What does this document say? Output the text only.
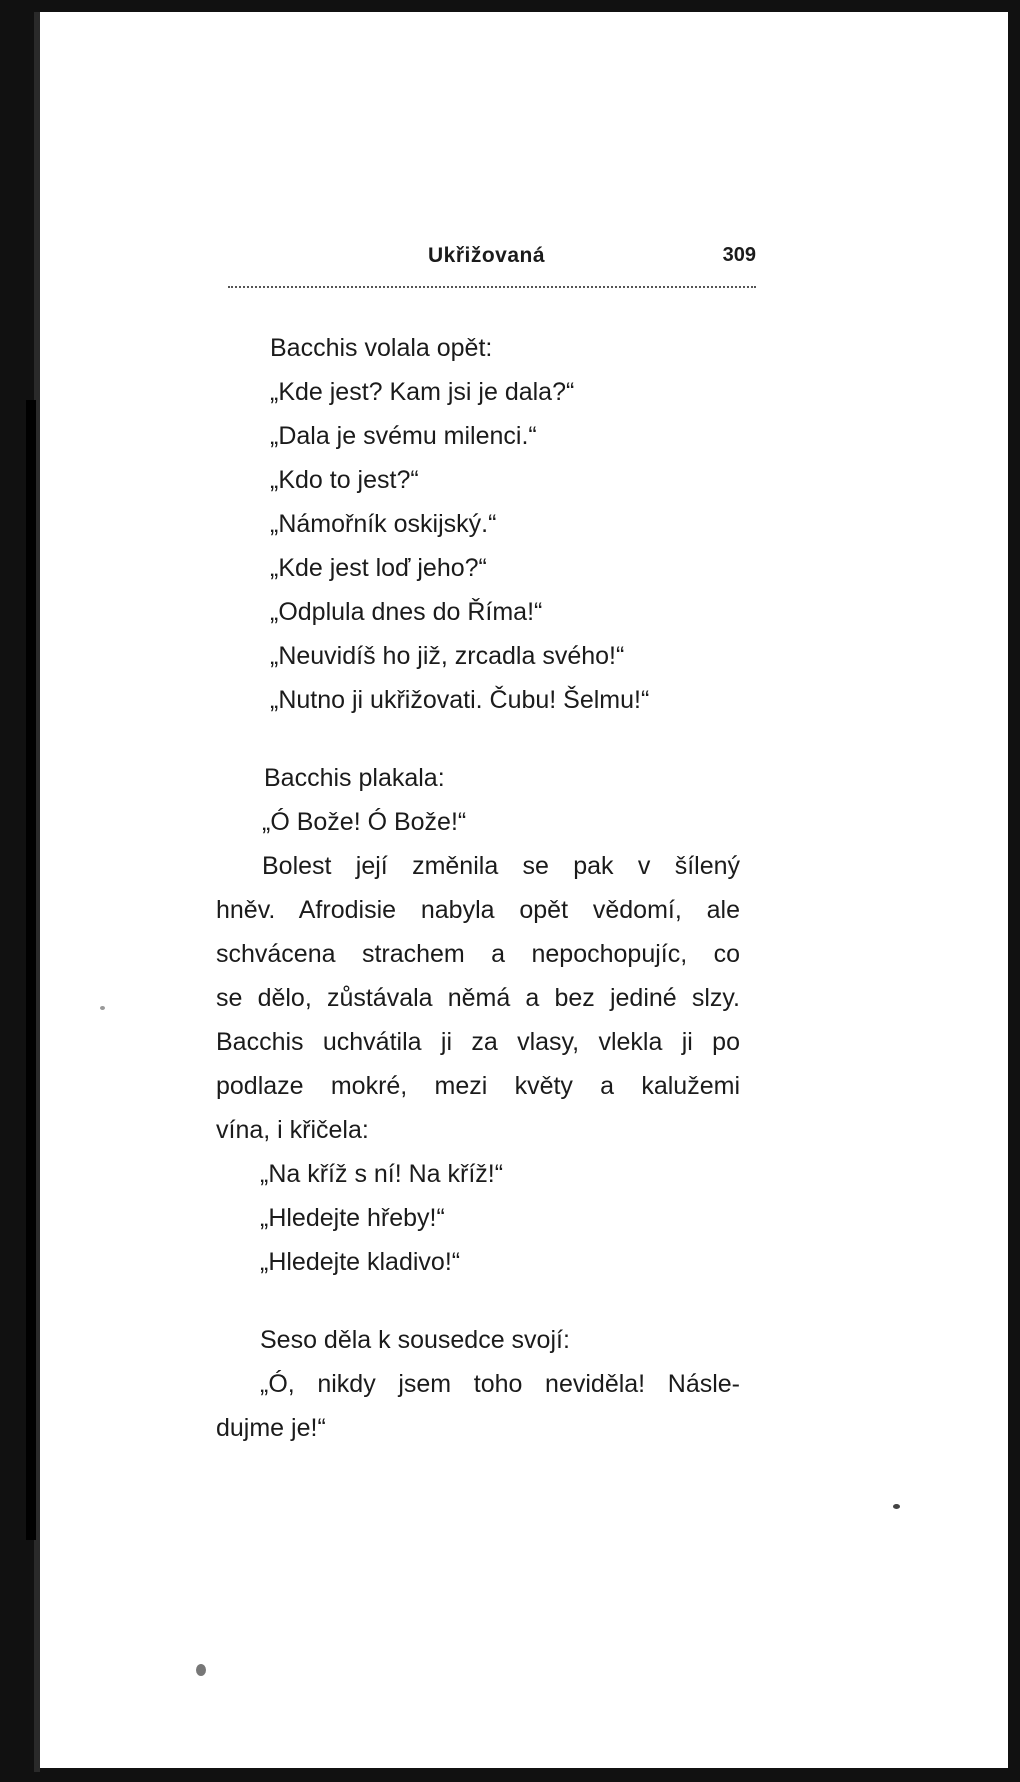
Ukřižovaná	309
Bacchis volala opět:
„Kde jest? Kam jsi je dala?“
„Dala je svému milenci.“
„Kdo to jest?“
„Námořník oskijský.“
„Kde jest loď jeho?“
„Odplula dnes do Říma!“
„Neuvidíš ho již, zrcadla svého!“
„Nutno ji ukřižovati. Čubu! Šelmu!“
Bacchis plakala:
„Ó Bože! Ó Bože!“
Bolest její změnila se pak v šílený
hněv. Afrodisie nabyla opět vědomí, ale
schvácena strachem a nepochopujíc, co
se dělo, zůstávala němá a bez jediné slzy.
Bacchis uchvátila ji za vlasy, vlekla ji po
podlaze mokré, mezi květy a kalužemi
vína, i křičela:
„Na kříž s ní! Na kříž!“
„Hledejte hřeby!“
„Hledejte kladivo!“
Seso děla k sousedce svojí:
„Ó, nikdy jsem toho neviděla! Násle-
dujme je!“
